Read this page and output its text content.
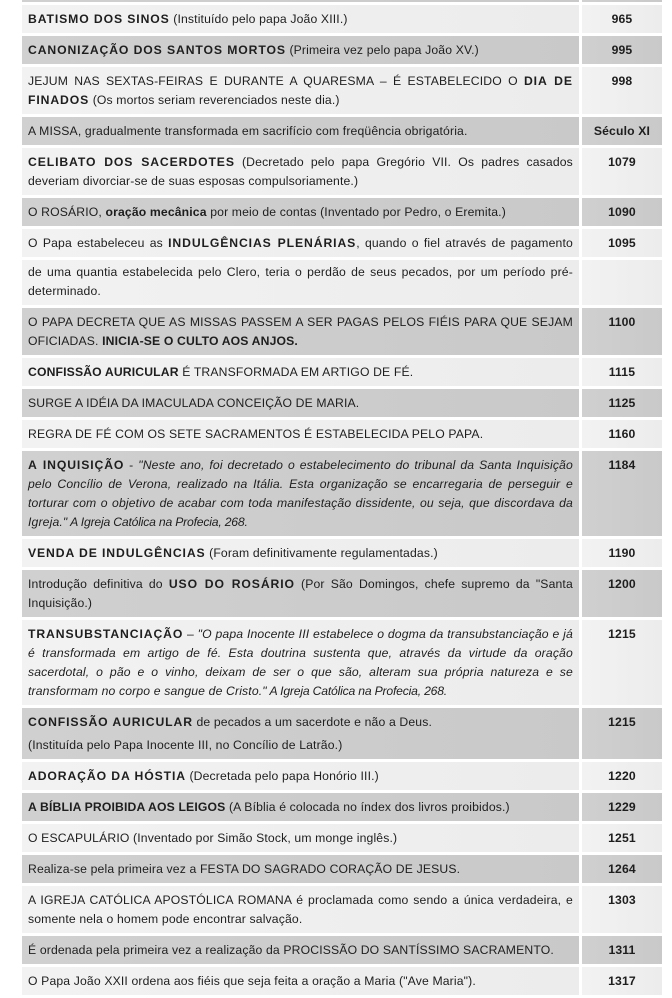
BATISMO DOS SINOS (Instituído pelo papa João XIII.)	965
CANONIZAÇÃO DOS SANTOS MORTOS (Primeira vez pelo papa João XV.)	995
JEJUM NAS SEXTAS-FEIRAS E DURANTE A QUARESMA – É ESTABELECIDO O DIA DE FINADOS (Os mortos seriam reverenciados neste dia.)	998
A MISSA, gradualmente transformada em sacrifício com freqüência obrigatória.	Século XI
CELIBATO DOS SACERDOTES (Decretado pelo papa Gregório VII. Os padres casados deveriam divorciar-se de suas esposas compulsoriamente.)	1079
O ROSÁRIO, oração mecânica por meio de contas (Inventado por Pedro, o Eremita.)	1090
O Papa estabeleceu as INDULGÊNCIAS PLENÁRIAS, quando o fiel através de pagamento	1095
de uma quantia estabelecida pelo Clero, teria o perdão de seus pecados, por um período pré-determinado.	
O PAPA DECRETA QUE AS MISSAS PASSEM A SER PAGAS PELOS FIÉIS PARA QUE SEJAM OFICIADAS. INICIA-SE O CULTO AOS ANJOS.	1100
CONFISSÃO AURICULAR É TRANSFORMADA EM ARTIGO DE FÉ.	1115
SURGE A IDÉIA DA IMACULADA CONCEIÇÃO DE MARIA.	1125
REGRA DE FÉ COM OS SETE SACRAMENTOS É ESTABELECIDA PELO PAPA.	1160
A INQUISIÇÃO - "Neste ano, foi decretado o estabelecimento do tribunal da Santa Inquisição pelo Concílio de Verona, realizado na Itália. Esta organização se encarregaria de perseguir e torturar com o objetivo de acabar com toda manifestação dissidente, ou seja, que discordava da Igreja." A Igreja Católica na Profecia, 268.	1184
VENDA DE INDULGÊNCIAS (Foram definitivamente regulamentadas.)	1190
Introdução definitiva do USO DO ROSÁRIO (Por São Domingos, chefe supremo da "Santa Inquisição.)	1200
TRANSUBSTANCIAÇÃO – "O papa Inocente III estabelece o dogma da transubstanciação e já é transformada em artigo de fé. Esta doutrina sustenta que, através da virtude da oração sacerdotal, o pão e o vinho, deixam de ser o que são, alteram sua própria natureza e se transformam no corpo e sangue de Cristo." A Igreja Católica na Profecia, 268.	1215
CONFISSÃO AURICULAR de pecados a um sacerdote e não a Deus.
(Instituída pelo Papa Inocente III, no Concílio de Latrão.)	1215
ADORAÇÃO DA HÓSTIA (Decretada pelo papa Honório III.)	1220
A BÍBLIA PROIBIDA AOS LEIGOS (A Bíblia é colocada no índex dos livros proibidos.)	1229
O ESCAPULÁRIO (Inventado por Simão Stock, um monge inglês.)	1251
Realiza-se pela primeira vez a FESTA DO SAGRADO CORAÇÃO DE JESUS.	1264
A IGREJA CATÓLICA APOSTÓLICA ROMANA é proclamada como sendo a única verdadeira, e somente nela o homem pode encontrar salvação.	1303
É ordenada pela primeira vez a realização da PROCISSÃO DO SANTÍSSIMO SACRAMENTO.	1311
O Papa João XXII ordena aos fiéis que seja feita a oração a Maria ("Ave Maria").	1317
